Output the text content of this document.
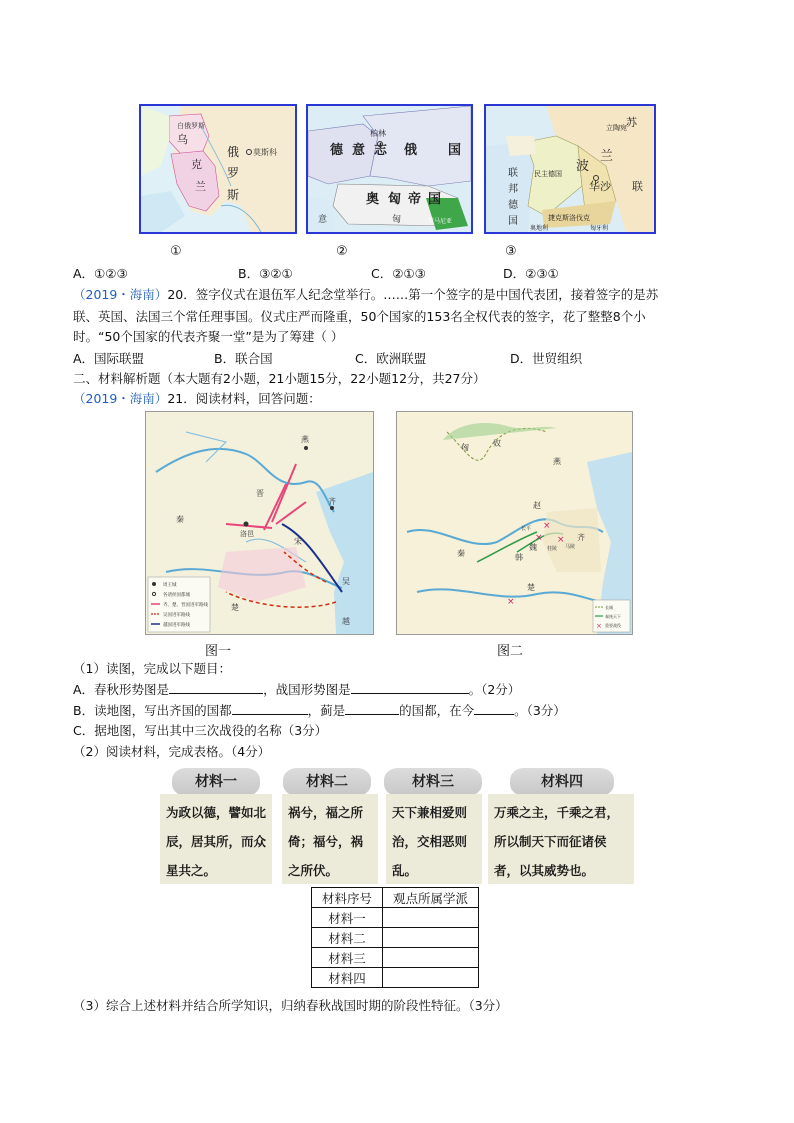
白俄罗斯
乌
克
兰
俄
罗
斯
莫斯科
①
柏林
德 意 志 俄 国
奥 匈 帝 国
罗马尼亚
意	匈
②
苏
波
兰
华沙 联
联
邦
德
国
民主德国
捷克斯洛伐克
奥地利	匈牙利
立陶宛
③
A．①②③	B．③②①	C．②①③	D．②③①
（2019・海南）20．签字仪式在退伍军人纪念堂举行。……第一个签字的是中国代表团，接着签字的是苏
联、英国、法国三个常任理事国。仪式庄严而隆重，50个国家的153名全权代表的签字，花了整整8个小
时。“50个国家的代表齐聚一堂”是为了筹建（ ）
A．国际联盟	B．联合国	C．欧洲联盟	D．世贸组织
二、材料解析题（本大题有2小题，21小题15分，22小题12分，共27分）
（2019・海南）21．阅读材料，回答问题：
燕
齐
秦
晋
宋
楚
吴
越
洛邑
周王城
各诸侯国都城
齐、楚、晋国进军路线
吴国进军路线
越国进军路线
图一
×
× ×
×
匈	奴
燕
赵
齐
魏
韩
秦
楚
长平
马陵
桂陵
×
长城
秦统天下
重要战役
图二
（1）读图，完成以下题目：
A．春秋形势图是	，战国形势图是	。（2分）
B．读地图，写出齐国的国都	，蓟是	的国都，在今	。（3分）
C．据地图，写出其中三次战役的名称（3分）
（2）阅读材料，完成表格。（4分）
材料一
为政以德，譬如北辰，居其所，而众星共之。
材料二
祸兮，福之所倚；福兮，祸之所伏。
材料三
天下兼相爱则治，交相恶则乱。
材料四
万乘之主，千乘之君，所以制天下而征诸侯者，以其威势也。
材料序号	观点所属学派
材料一	
材料二	
材料三	
材料四	
（3）综合上述材料并结合所学知识，归纳春秋战国时期的阶段性特征。（3分）
